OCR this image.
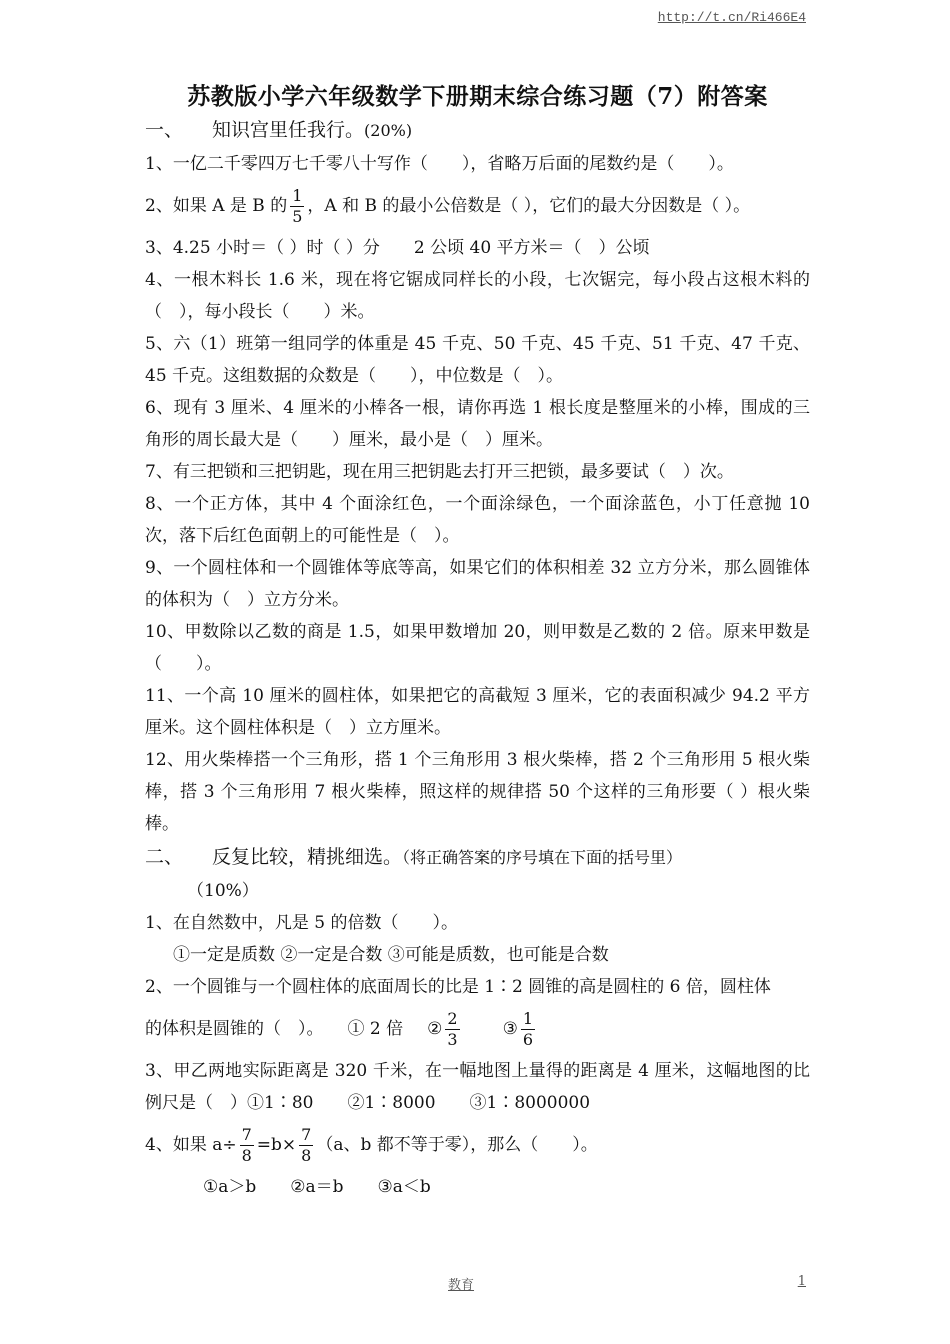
http://t.cn/Ri466E4
苏教版小学六年级数学下册期末综合练习题（7）附答案
一、 知识宫里任我行。(20%)
1、一亿二千零四万七千零八十写作（　　），省略万后面的尾数约是（　　）。
2、如果 A 是 B 的 $\frac{1}{5}$ ，A 和 B 的最小公倍数是（ ），它们的最大分因数是（ ）。
3、4.25 小时＝（ ）时（ ）分　　2 公顷 40 平方米＝（　）公顷
4、一根木料长 1.6 米，现在将它锯成同样长的小段，七次锯完，每小段占这根木料的（　），每小段长（　　）米。
5、六（1）班第一组同学的体重是 45 千克、50 千克、45 千克、51 千克、47 千克、45 千克。这组数据的众数是（　　），中位数是（　）。
6、现有 3 厘米、4 厘米的小棒各一根，请你再选 1 根长度是整厘米的小棒，围成的三角形的周长最大是（　　）厘米，最小是（　）厘米。
7、有三把锁和三把钥匙，现在用三把钥匙去打开三把锁，最多要试（　）次。
8、一个正方体，其中 4 个面涂红色，一个面涂绿色，一个面涂蓝色，小丁任意抛 10 次，落下后红色面朝上的可能性是（　）。
9、一个圆柱体和一个圆锥体等底等高，如果它们的体积相差 32 立方分米，那么圆锥体的体积为（　）立方分米。
10、甲数除以乙数的商是 1.5，如果甲数增加 20，则甲数是乙数的 2 倍。原来甲数是（　　）。
11、一个高 10 厘米的圆柱体，如果把它的高截短 3 厘米，它的表面积减少 94.2 平方厘米。这个圆柱体积是（　）立方厘米。
12、用火柴棒搭一个三角形，搭 1 个三角形用 3 根火柴棒，搭 2 个三角形用 5 根火柴棒，搭 3 个三角形用 7 根火柴棒，照这样的规律搭 50 个这样的三角形要（ ）根火柴棒。
二、 反复比较，精挑细选。（将正确答案的序号填在下面的括号里）
（10%）
1、在自然数中，凡是 5 的倍数（　　）。
①一定是质数 ②一定是合数 ③可能是质数，也可能是合数
2、一个圆锥与一个圆柱体的底面周长的比是 1∶2 圆锥的高是圆柱的 6 倍，圆柱体
的体积是圆锥的（　）。 ① 2 倍 ② $\frac{2}{3}$	③ $\frac{1}{6}$
3、甲乙两地实际距离是 320 千米，在一幅地图上量得的距离是 4 厘米，这幅地图的比例尺是（　）①1∶80　　②1∶8000　　③1∶8000000
4、如果 $a\div \frac{7}{8} =b\times \frac{7}{8} (a$、b 都不等于零），那么（　　）。
①a＞b　　②a＝b　　③a＜b
教育	1
